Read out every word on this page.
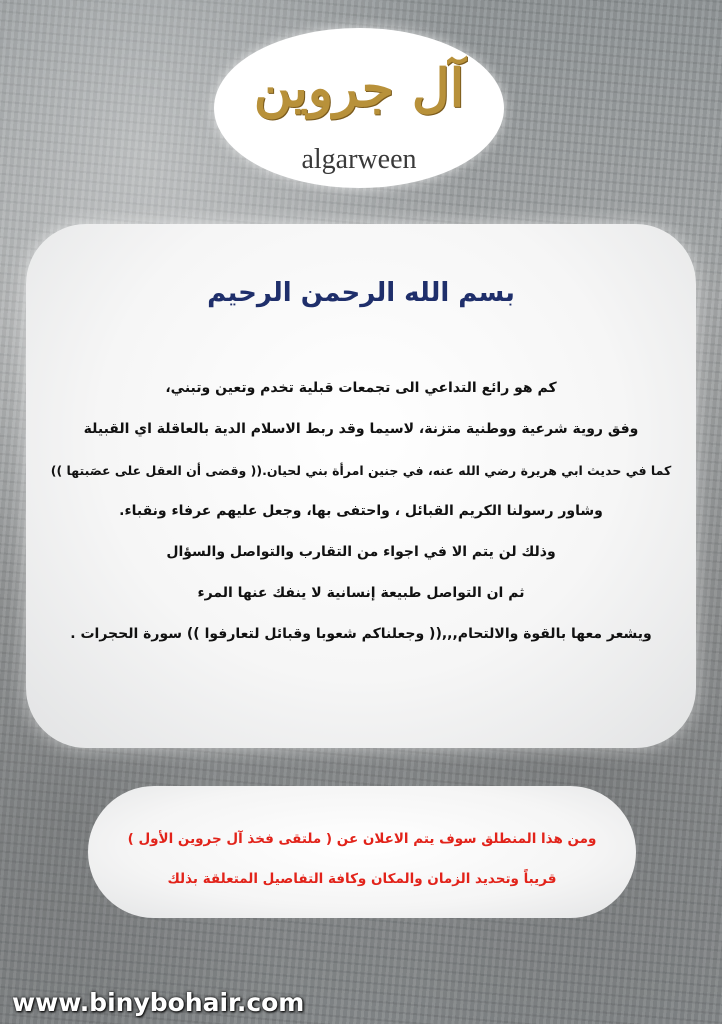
آل جروين
algarween
بسم الله الرحمن الرحيم
كم هو رائع التداعي الى تجمعات قبلية تخدم وتعين وتبني،
وفق روية شرعية ووطنية متزنة، لاسيما وقد ربط الاسلام الدية بالعاقلة اي القبيلة
كما في حديث ابي هريرة رضي الله عنه، في جنين امرأة بني لحيان.(( وقضى أن العقل على عصَبتها ))
وشاور رسولنا الكريم القبائل ، واحتفى بها، وجعل عليهم عرفاء ونقباء.
وذلك لن يتم الا في اجواء من التقارب والتواصل والسؤال
ثم ان التواصل طبيعة إنسانية لا ينفك عنها المرء
ويشعر معها بالقوة والالتحام,,,(( وجعلناكم شعوبا وقبائل لتعارفوا )) سورة الحجرات .
ومن هذا المنطلق سوف يتم الاعلان عن ( ملتقى فخذ آل جروين الأول )
قريباً وتحديد الزمان والمكان وكافة التفاصيل المتعلقة بذلك
www.binybohair.com
